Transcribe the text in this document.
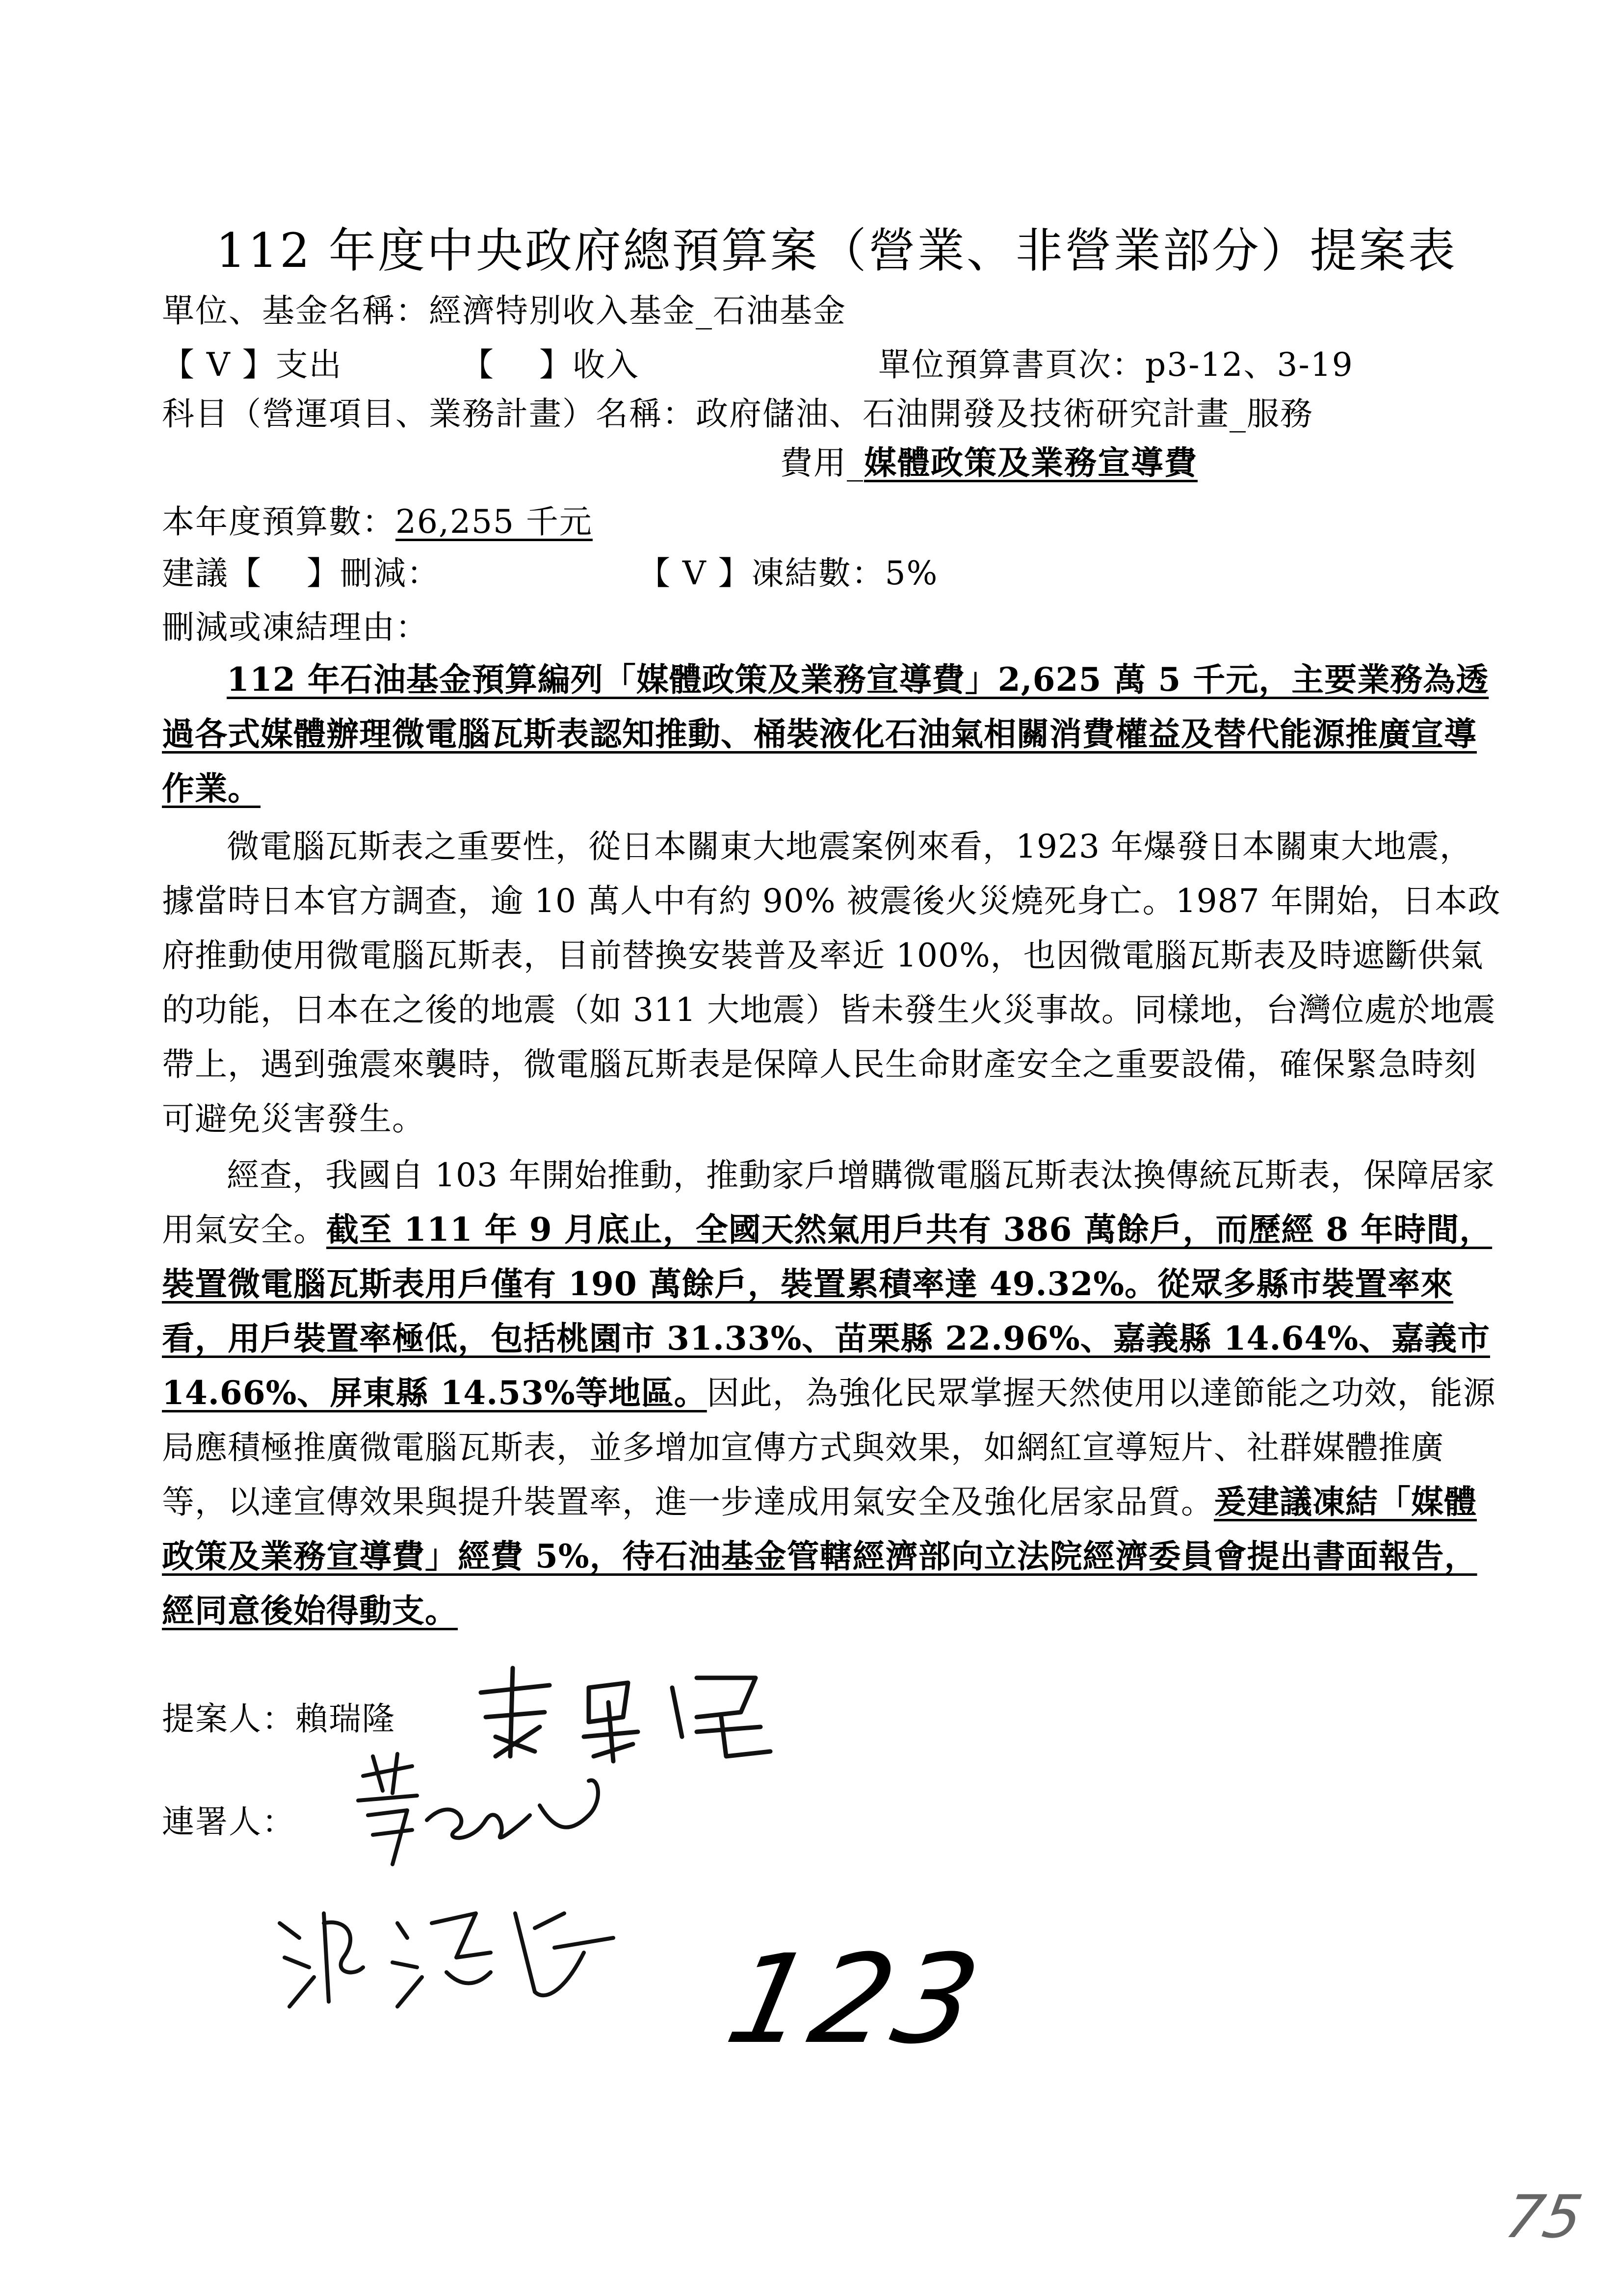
112 年度中央政府總預算案（營業、非營業部分）提案表
單位、基金名稱：經濟特別收入基金_石油基金
【 V 】支出	【　 】收入	單位預算書頁次：p3-12、3-19
科目（營運項目、業務計畫）名稱：政府儲油、石油開發及技術研究計畫_服務
費用_媒體政策及業務宣導費
本年度預算數：26,255 千元
建議【　 】刪減：	【 V 】凍結數：5%
刪減或凍結理由：
112 年石油基金預算編列「媒體政策及業務宣導費」2,625 萬 5 千元，主要業務為透過各式媒體辦理微電腦瓦斯表認知推動、桶裝液化石油氣相關消費權益及替代能源推廣宣導作業。
微電腦瓦斯表之重要性，從日本關東大地震案例來看，1923 年爆發日本關東大地震，據當時日本官方調查，逾 10 萬人中有約 90% 被震後火災燒死身亡。1987 年開始，日本政府推動使用微電腦瓦斯表，目前替換安裝普及率近 100%，也因微電腦瓦斯表及時遮斷供氣的功能，日本在之後的地震（如 311 大地震）皆未發生火災事故。同樣地，台灣位處於地震帶上，遇到強震來襲時，微電腦瓦斯表是保障人民生命財產安全之重要設備，確保緊急時刻可避免災害發生。
經查，我國自 103 年開始推動，推動家戶增購微電腦瓦斯表汰換傳統瓦斯表，保障居家用氣安全。截至 111 年 9 月底止，全國天然氣用戶共有 386 萬餘戶，而歷經 8 年時間，裝置微電腦瓦斯表用戶僅有 190 萬餘戶，裝置累積率達 49.32%。從眾多縣市裝置率來看，用戶裝置率極低，包括桃園市 31.33%、苗栗縣 22.96%、嘉義縣 14.64%、嘉義市 14.66%、屏東縣 14.53%等地區。因此，為強化民眾掌握天然使用以達節能之功效，能源局應積極推廣微電腦瓦斯表，並多增加宣傳方式與效果，如網紅宣導短片、社群媒體推廣等，以達宣傳效果與提升裝置率，進一步達成用氣安全及強化居家品質。爰建議凍結「媒體政策及業務宣導費」經費 5%，待石油基金管轄經濟部向立法院經濟委員會提出書面報告，經同意後始得動支。
提案人：賴瑞隆
連署人：
123
75
